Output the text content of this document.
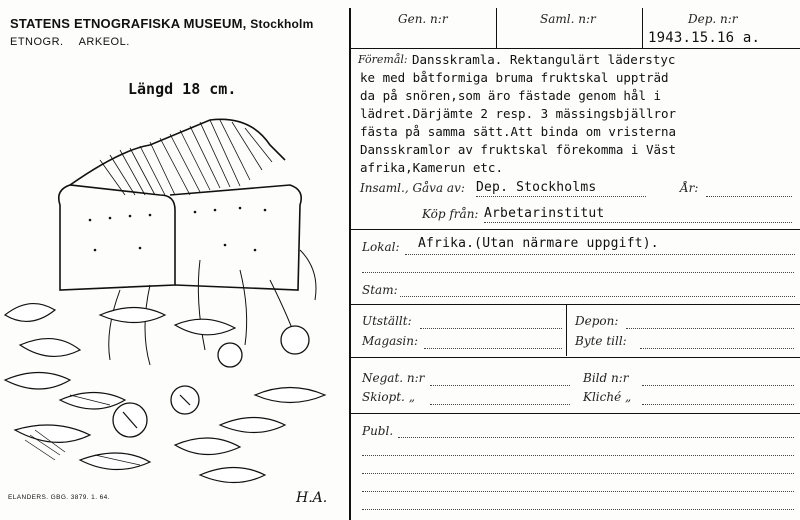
STATENS ETNOGRAFISKA MUSEUM, Stockholm
ETNOGR. ARKEOL.
Längd 18 cm.
ELANDERS. GBG. 3879. 1. 64.	H.A.
Gen. n:r	Saml. n:r	Dep. n:r
1943.15.16 a.
Föremål: Dansskramla. Rektangulärt läderstyc
ke med båtformiga bruma fruktskal uppträd
da på snören,som äro fästade genom hål i
lädret.Därjämte 2 resp. 3 mässingsbjällror
fästa på samma sätt.Att binda om vristerna
Dansskramlor av fruktskal förekomma i Väst
afrika,Kamerun etc.
Insaml., Gåva av: Dep. Stockholms	År:
Köp från: Arbetarinstitut
Lokal: Afrika.(Utan närmare uppgift).
Stam:
Utställt:	Depon:
Magasin:	Byte till:
Negat. n:r	Bild n:r
Skiopt. „	Kliché „
Publ.
